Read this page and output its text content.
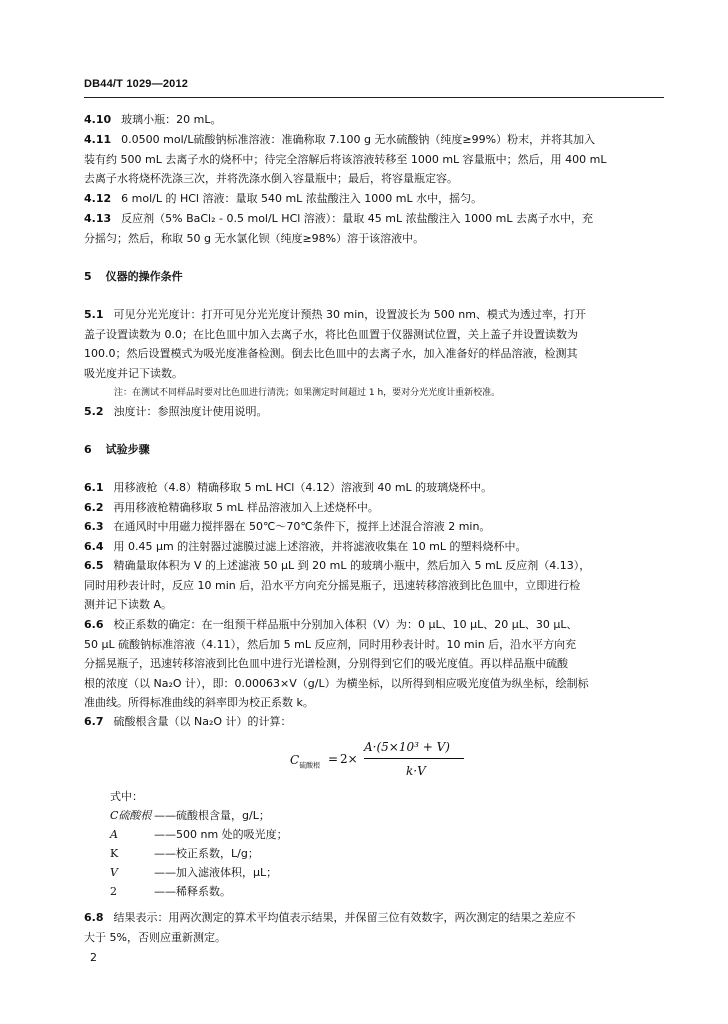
DB44/T 1029—2012
4.10 玻璃小瓶：20 mL。
4.11 0.0500 mol/L硫酸钠标准溶液：准确称取 7.100 g 无水硫酸钠（纯度≥99%）粉末，并将其加入
装有约 500 mL 去离子水的烧杯中；待完全溶解后将该溶液转移至 1000 mL 容量瓶中；然后，用 400 mL
去离子水将烧杯洗涤三次，并将洗涤水倒入容量瓶中；最后，将容量瓶定容。
4.12 6 mol/L 的 HCl 溶液：量取 540 mL 浓盐酸注入 1000 mL 水中，摇匀。
4.13 反应剂（5% BaCl₂ - 0.5 mol/L HCl 溶液）：量取 45 mL 浓盐酸注入 1000 mL 去离子水中，充
分摇匀；然后，称取 50 g 无水氯化钡（纯度≥98%）溶于该溶液中。
5 仪器的操作条件
5.1 可见分光光度计：打开可见分光光度计预热 30 min，设置波长为 500 nm、模式为透过率，打开
盖子设置读数为 0.0；在比色皿中加入去离子水，将比色皿置于仪器测试位置，关上盖子并设置读数为
100.0；然后设置模式为吸光度准备检测。倒去比色皿中的去离子水，加入准备好的样品溶液，检测其
吸光度并记下读数。
注：在测试不同样品时要对比色皿进行清洗；如果测定时间超过 1 h，要对分光光度计重新校准。
5.2 浊度计：参照浊度计使用说明。
6 试验步骤
6.1 用移液枪（4.8）精确移取 5 mL HCl（4.12）溶液到 40 mL 的玻璃烧杯中。
6.2 再用移液枪精确移取 5 mL 样品溶液加入上述烧杯中。
6.3 在通风时中用磁力搅拌器在 50℃～70℃条件下，搅拌上述混合溶液 2 min。
6.4 用 0.45 μm 的注射器过滤膜过滤上述溶液，并将滤液收集在 10 mL 的塑料烧杯中。
6.5 精确量取体积为 V 的上述滤液 50 μL 到 20 mL 的玻璃小瓶中，然后加入 5 mL 反应剂（4.13），
同时用秒表计时，反应 10 min 后，沿水平方向充分摇晃瓶子，迅速转移溶液到比色皿中，立即进行检
测并记下读数 A。
6.6 校正系数的确定：在一组预干样品瓶中分别加入体积（V）为：0 μL、10 μL、20 μL、30 μL、
50 μL 硫酸钠标准溶液（4.11），然后加 5 mL 反应剂，同时用秒表计时。10 min 后，沿水平方向充
分摇晃瓶子，迅速转移溶液到比色皿中进行光谱检测，分别得到它们的吸光度值。再以样品瓶中硫酸
根的浓度（以 Na₂O 计），即：0.00063×V（g/L）为横坐标，以所得到相应吸光度值为纵坐标，绘制标
准曲线。所得标准曲线的斜率即为校正系数 k。
6.7 硫酸根含量（以 Na₂O 计）的计算：
$C_{硫酸根} = 2\times$
A·(5×10³ + V)
k·V
式中：
C硫酸根 ——硫酸根含量，g/L；
A	——500 nm 处的吸光度；
K	——校正系数，L/g；
V	——加入滤液体积，μL；
2	——稀释系数。
6.8 结果表示：用两次测定的算术平均值表示结果，并保留三位有效数字，两次测定的结果之差应不
大于 5%，否则应重新测定。
2
